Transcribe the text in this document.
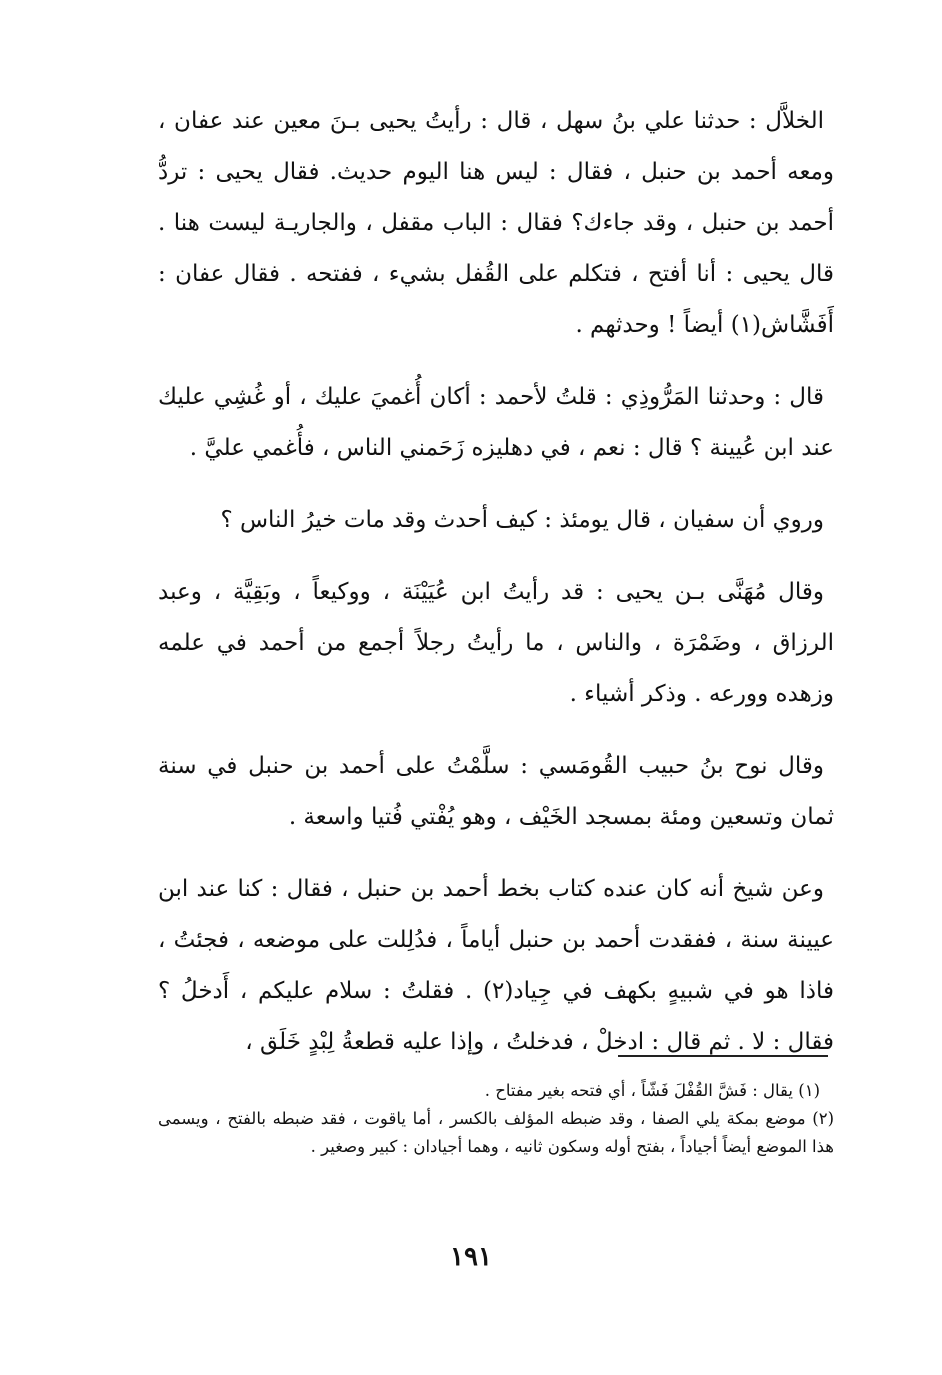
الخلاَّل : حدثنا علي بنُ سهل ، قال : رأيتُ يحيى بـنَ معين عند عفان ، ومعه أحمد بن حنبل ، فقال : ليس هنا اليوم حديث. فقال يحيى : تردُّ أحمد بن حنبل ، وقد جاءك؟ فقال : الباب مقفل ، والجاريـة ليست هنا . قال يحيى : أنا أفتح ، فتكلم على القُفل بشيء ، ففتحه . فقال عفان : أَفَشَّاش(١) أيضاً ! وحدثهم .

قال : وحدثنا المَرُّوذِي : قلتُ لأحمد : أكان أُغميَ عليك ، أو غُشِي عليك عند ابن عُيينة ؟ قال : نعم ، في دهليزه زَحَمني الناس ، فأُغمي عليَّ .

وروي أن سفيان ، قال يومئذ : كيف أحدث وقد مات خيرُ الناس ؟

وقال مُهَنَّى بـن يحيى : قد رأيتُ ابن عُيَيْنَة ، ووكيعاً ، وبَقِيَّة ، وعبد الرزاق ، وضَمْرَة ، والناس ، ما رأيتُ رجلاً أجمع من أحمد في علمه وزهده وورعه . وذكر أشياء .

وقال نوح بنُ حبيب القُومَسي : سلَّمْتُ على أحمد بن حنبل في سنة ثمان وتسعين ومئة بمسجد الخَيْف ، وهو يُفْتي فُتيا واسعة .

وعن شيخ أنه كان عنده كتاب بخط أحمد بن حنبل ، فقال : كنا عند ابن عيينة سنة ، ففقدت أحمد بن حنبل أياماً ، فدُلِلت على موضعه ، فجئتُ ، فاذا هو في شبيهٍ بكهف في جِياد(٢) . فقلتُ : سلام عليكم ، أَدخلُ ؟ فقال : لا . ثم قال : ادخلْ ، فدخلتُ ، وإذا عليه قطعةُ لِبْدٍ خَلَق ،

(١) يقال : فَشَّ القُفْلَ فَشّاً ، أي فتحه بغير مفتاح .

(٢) موضع بمكة يلي الصفا ، وقد ضبطه المؤلف بالكسر ، أما ياقوت ، فقد ضبطه بالفتح ، ويسمى هذا الموضع أيضاً أجياداً ، بفتح أوله وسكون ثانيه ، وهما أجيادان : كبير وصغير .

١٩١
